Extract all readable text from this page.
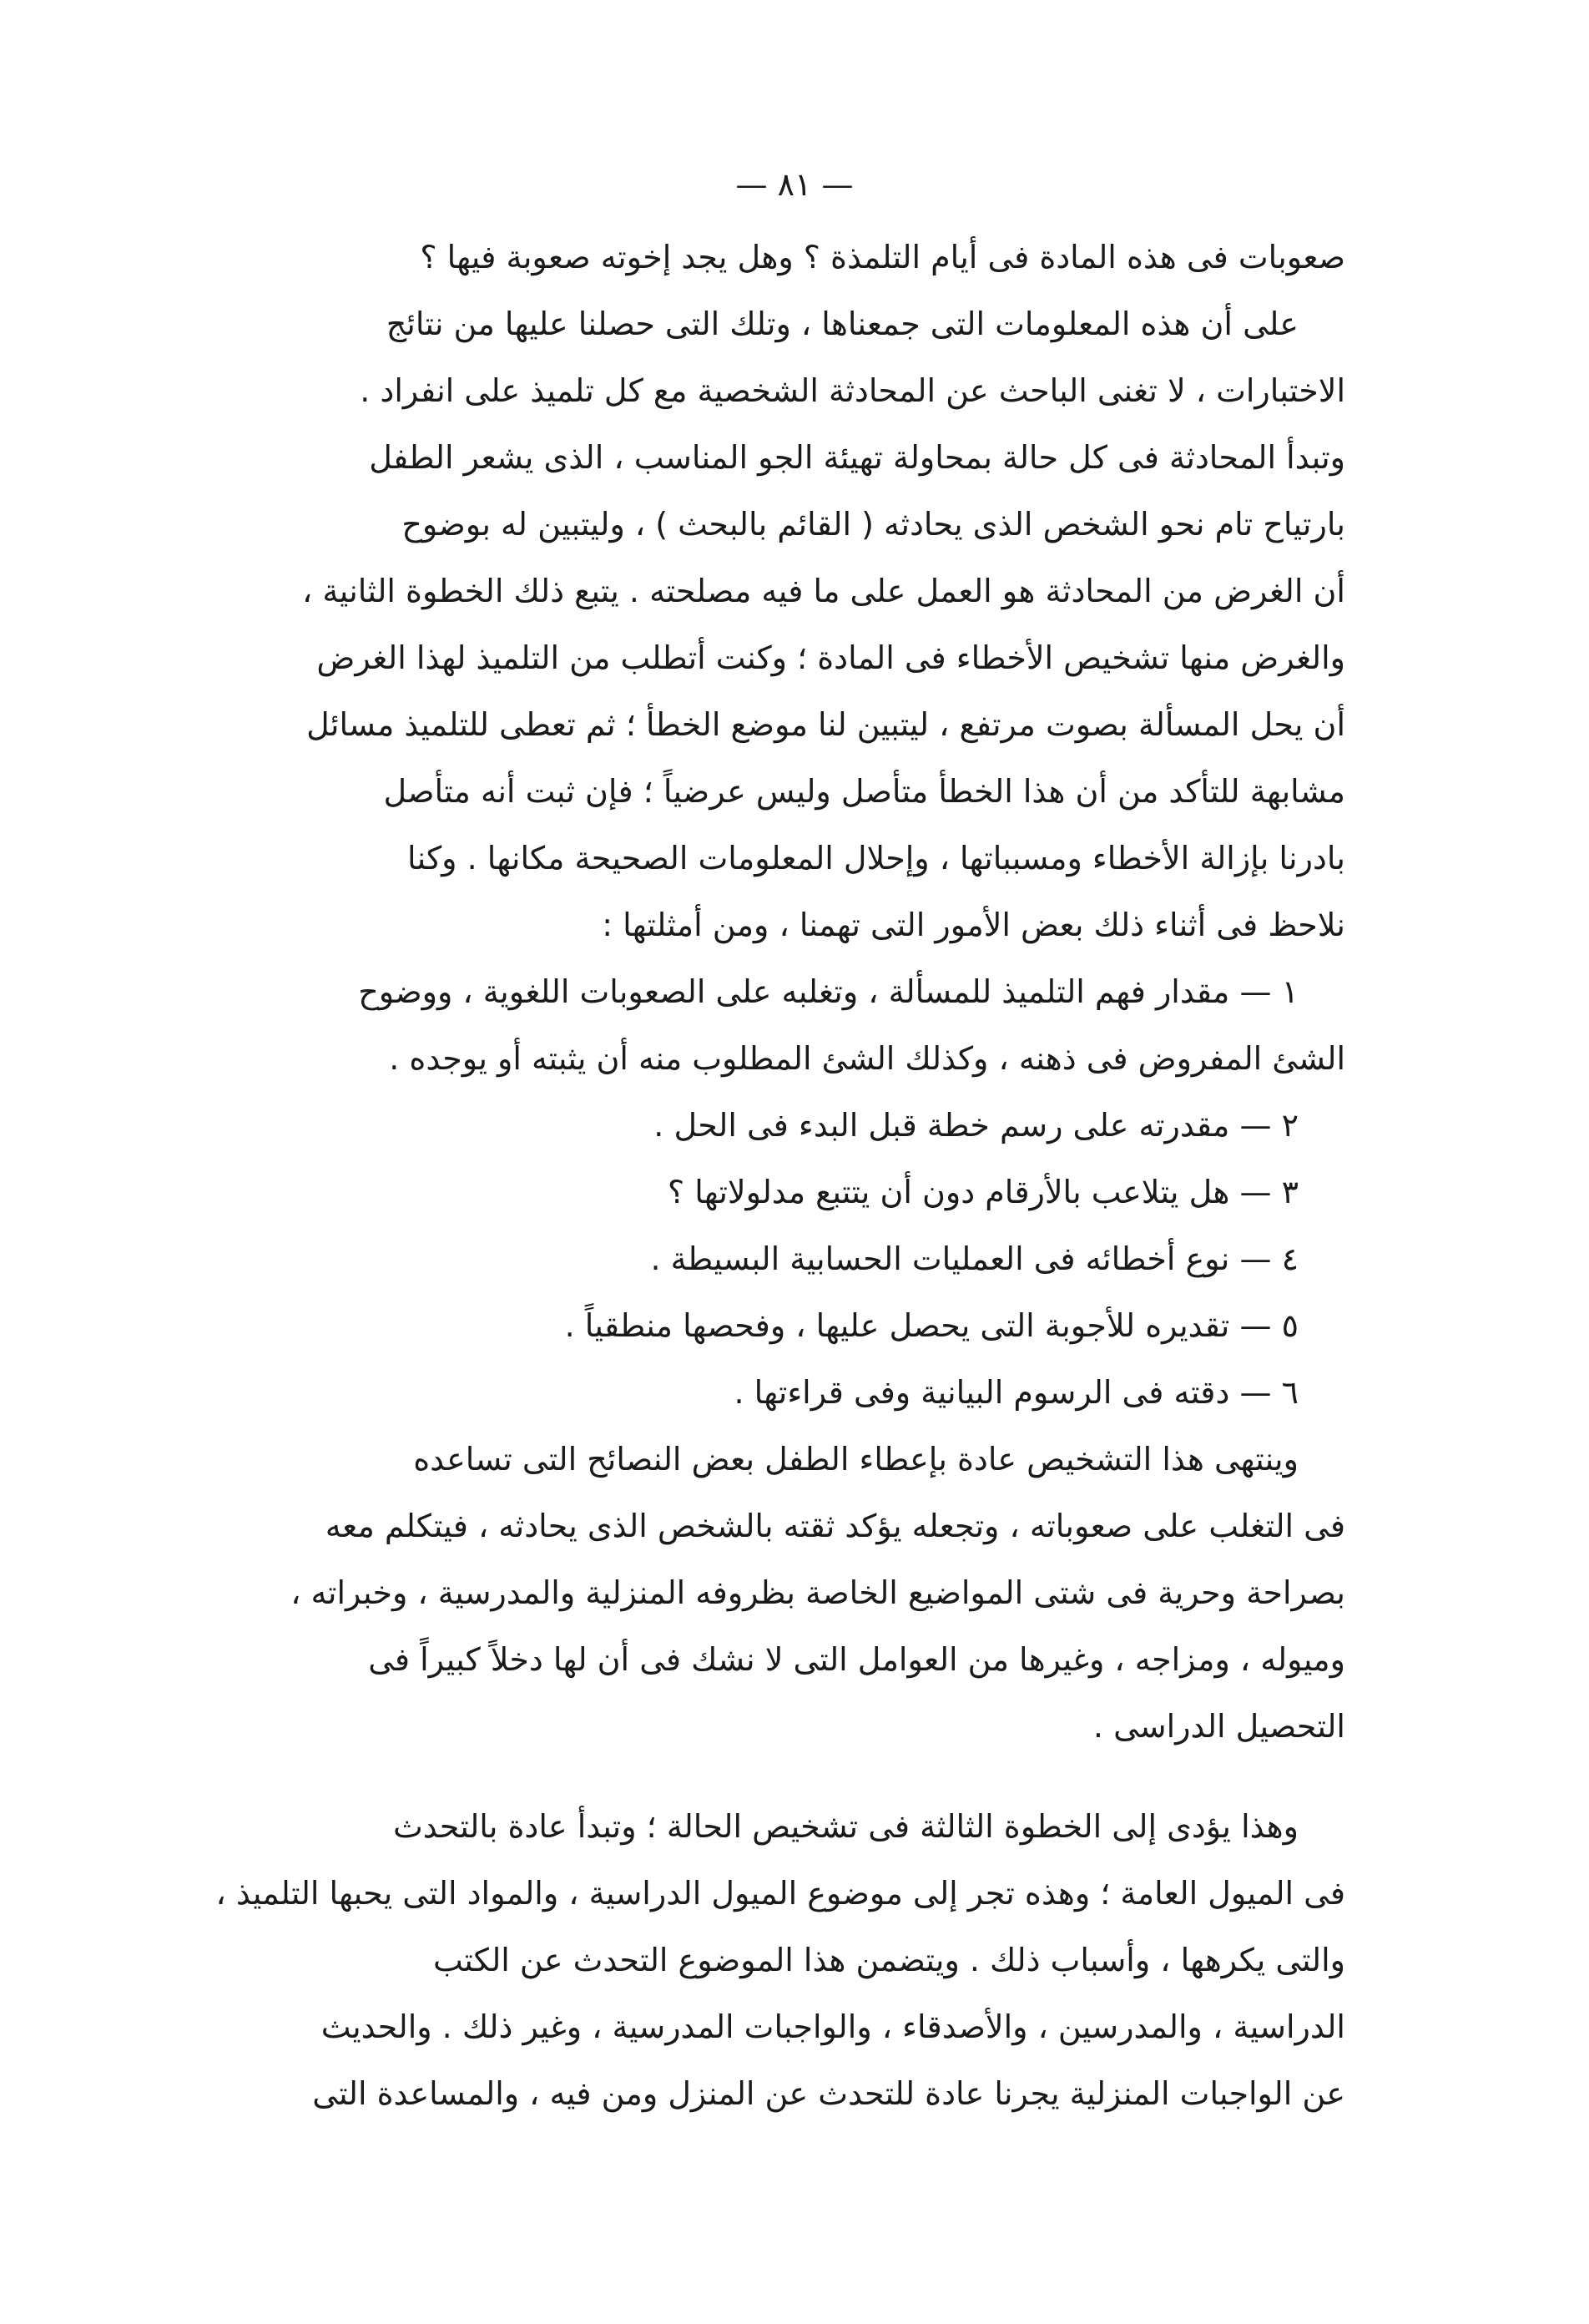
— ٨١ —
صعوبات فى هذه المادة فى أيام التلمذة ؟ وهل يجد إخوته صعوبة فيها ؟
على أن هذه المعلومات التى جمعناها ، وتلك التى حصلنا عليها من نتائج
الاختبارات ، لا تغنى الباحث عن المحادثة الشخصية مع كل تلميذ على انفراد .
وتبدأ المحادثة فى كل حالة بمحاولة تهيئة الجو المناسب ، الذى يشعر الطفل
بارتياح تام نحو الشخص الذى يحادثه ( القائم بالبحث ) ، وليتبين له بوضوح
أن الغرض من المحادثة هو العمل على ما فيه مصلحته . يتبع ذلك الخطوة الثانية ،
والغرض منها تشخيص الأخطاء فى المادة ؛ وكنت أتطلب من التلميذ لهذا الغرض
أن يحل المسألة بصوت مرتفع ، ليتبين لنا موضع الخطأ ؛ ثم تعطى للتلميذ مسائل
مشابهة للتأكد من أن هذا الخطأ متأصل وليس عرضياً ؛ فإن ثبت أنه متأصل
بادرنا بإزالة الأخطاء ومسبباتها ، وإحلال المعلومات الصحيحة مكانها . وكنا
نلاحظ فى أثناء ذلك بعض الأمور التى تهمنا ، ومن أمثلتها :
١ — مقدار فهم التلميذ للمسألة ، وتغلبه على الصعوبات اللغوية ، ووضوح
الشئ المفروض فى ذهنه ، وكذلك الشئ المطلوب منه أن يثبته أو يوجده .
٢ — مقدرته على رسم خطة قبل البدء فى الحل .
٣ — هل يتلاعب بالأرقام دون أن يتتبع مدلولاتها ؟
٤ — نوع أخطائه فى العمليات الحسابية البسيطة .
٥ — تقديره للأجوبة التى يحصل عليها ، وفحصها منطقياً .
٦ — دقته فى الرسوم البيانية وفى قراءتها .
وينتهى هذا التشخيص عادة بإعطاء الطفل بعض النصائح التى تساعده
فى التغلب على صعوباته ، وتجعله يؤكد ثقته بالشخص الذى يحادثه ، فيتكلم معه
بصراحة وحرية فى شتى المواضيع الخاصة بظروفه المنزلية والمدرسية ، وخبراته ،
وميوله ، ومزاجه ، وغيرها من العوامل التى لا نشك فى أن لها دخلاً كبيراً فى
التحصيل الدراسى .
وهذا يؤدى إلى الخطوة الثالثة فى تشخيص الحالة ؛ وتبدأ عادة بالتحدث
فى الميول العامة ؛ وهذه تجر إلى موضوع الميول الدراسية ، والمواد التى يحبها التلميذ ،
والتى يكرهها ، وأسباب ذلك . ويتضمن هذا الموضوع التحدث عن الكتب
الدراسية ، والمدرسين ، والأصدقاء ، والواجبات المدرسية ، وغير ذلك . والحديث
عن الواجبات المنزلية يجرنا عادة للتحدث عن المنزل ومن فيه ، والمساعدة التى
